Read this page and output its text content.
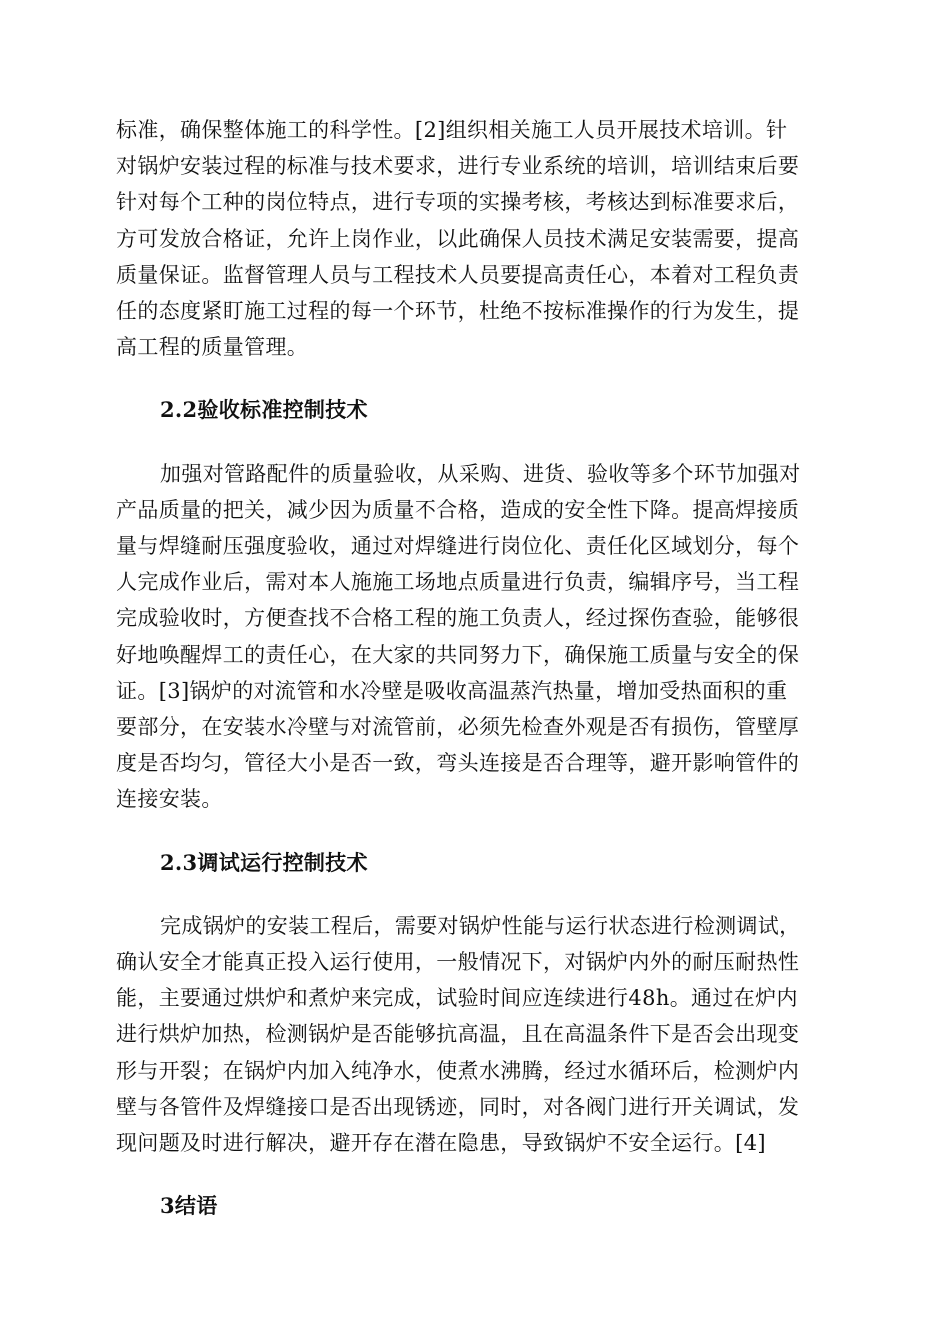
标准，确保整体施工的科学性。[2]组织相关施工人员开展技术培训。针
对锅炉安装过程的标准与技术要求，进行专业系统的培训，培训结束后要
针对每个工种的岗位特点，进行专项的实操考核，考核达到标准要求后，
方可发放合格证，允许上岗作业，以此确保人员技术满足安装需要，提高
质量保证。监督管理人员与工程技术人员要提高责任心，本着对工程负责
任的态度紧盯施工过程的每一个环节，杜绝不按标准操作的行为发生，提
高工程的质量管理。

2.2验收标准控制技术

加强对管路配件的质量验收，从采购、进货、验收等多个环节加强对
产品质量的把关，减少因为质量不合格，造成的安全性下降。提高焊接质
量与焊缝耐压强度验收，通过对焊缝进行岗位化、责任化区域划分，每个
人完成作业后，需对本人施施工场地点质量进行负责，编辑序号，当工程
完成验收时，方便查找不合格工程的施工负责人，经过探伤查验，能够很
好地唤醒焊工的责任心，在大家的共同努力下，确保施工质量与安全的保
证。[3]锅炉的对流管和水冷壁是吸收高温蒸汽热量，增加受热面积的重
要部分，在安装水冷壁与对流管前，必须先检查外观是否有损伤，管壁厚
度是否均匀，管径大小是否一致，弯头连接是否合理等，避开影响管件的
连接安装。

2.3调试运行控制技术

完成锅炉的安装工程后，需要对锅炉性能与运行状态进行检测调试，
确认安全才能真正投入运行使用，一般情况下，对锅炉内外的耐压耐热性
能，主要通过烘炉和煮炉来完成，试验时间应连续进行48h。通过在炉内
进行烘炉加热，检测锅炉是否能够抗高温，且在高温条件下是否会出现变
形与开裂；在锅炉内加入纯净水，使煮水沸腾，经过水循环后，检测炉内
壁与各管件及焊缝接口是否出现锈迹，同时，对各阀门进行开关调试，发
现问题及时进行解决，避开存在潜在隐患，导致锅炉不安全运行。[4]

3结语
